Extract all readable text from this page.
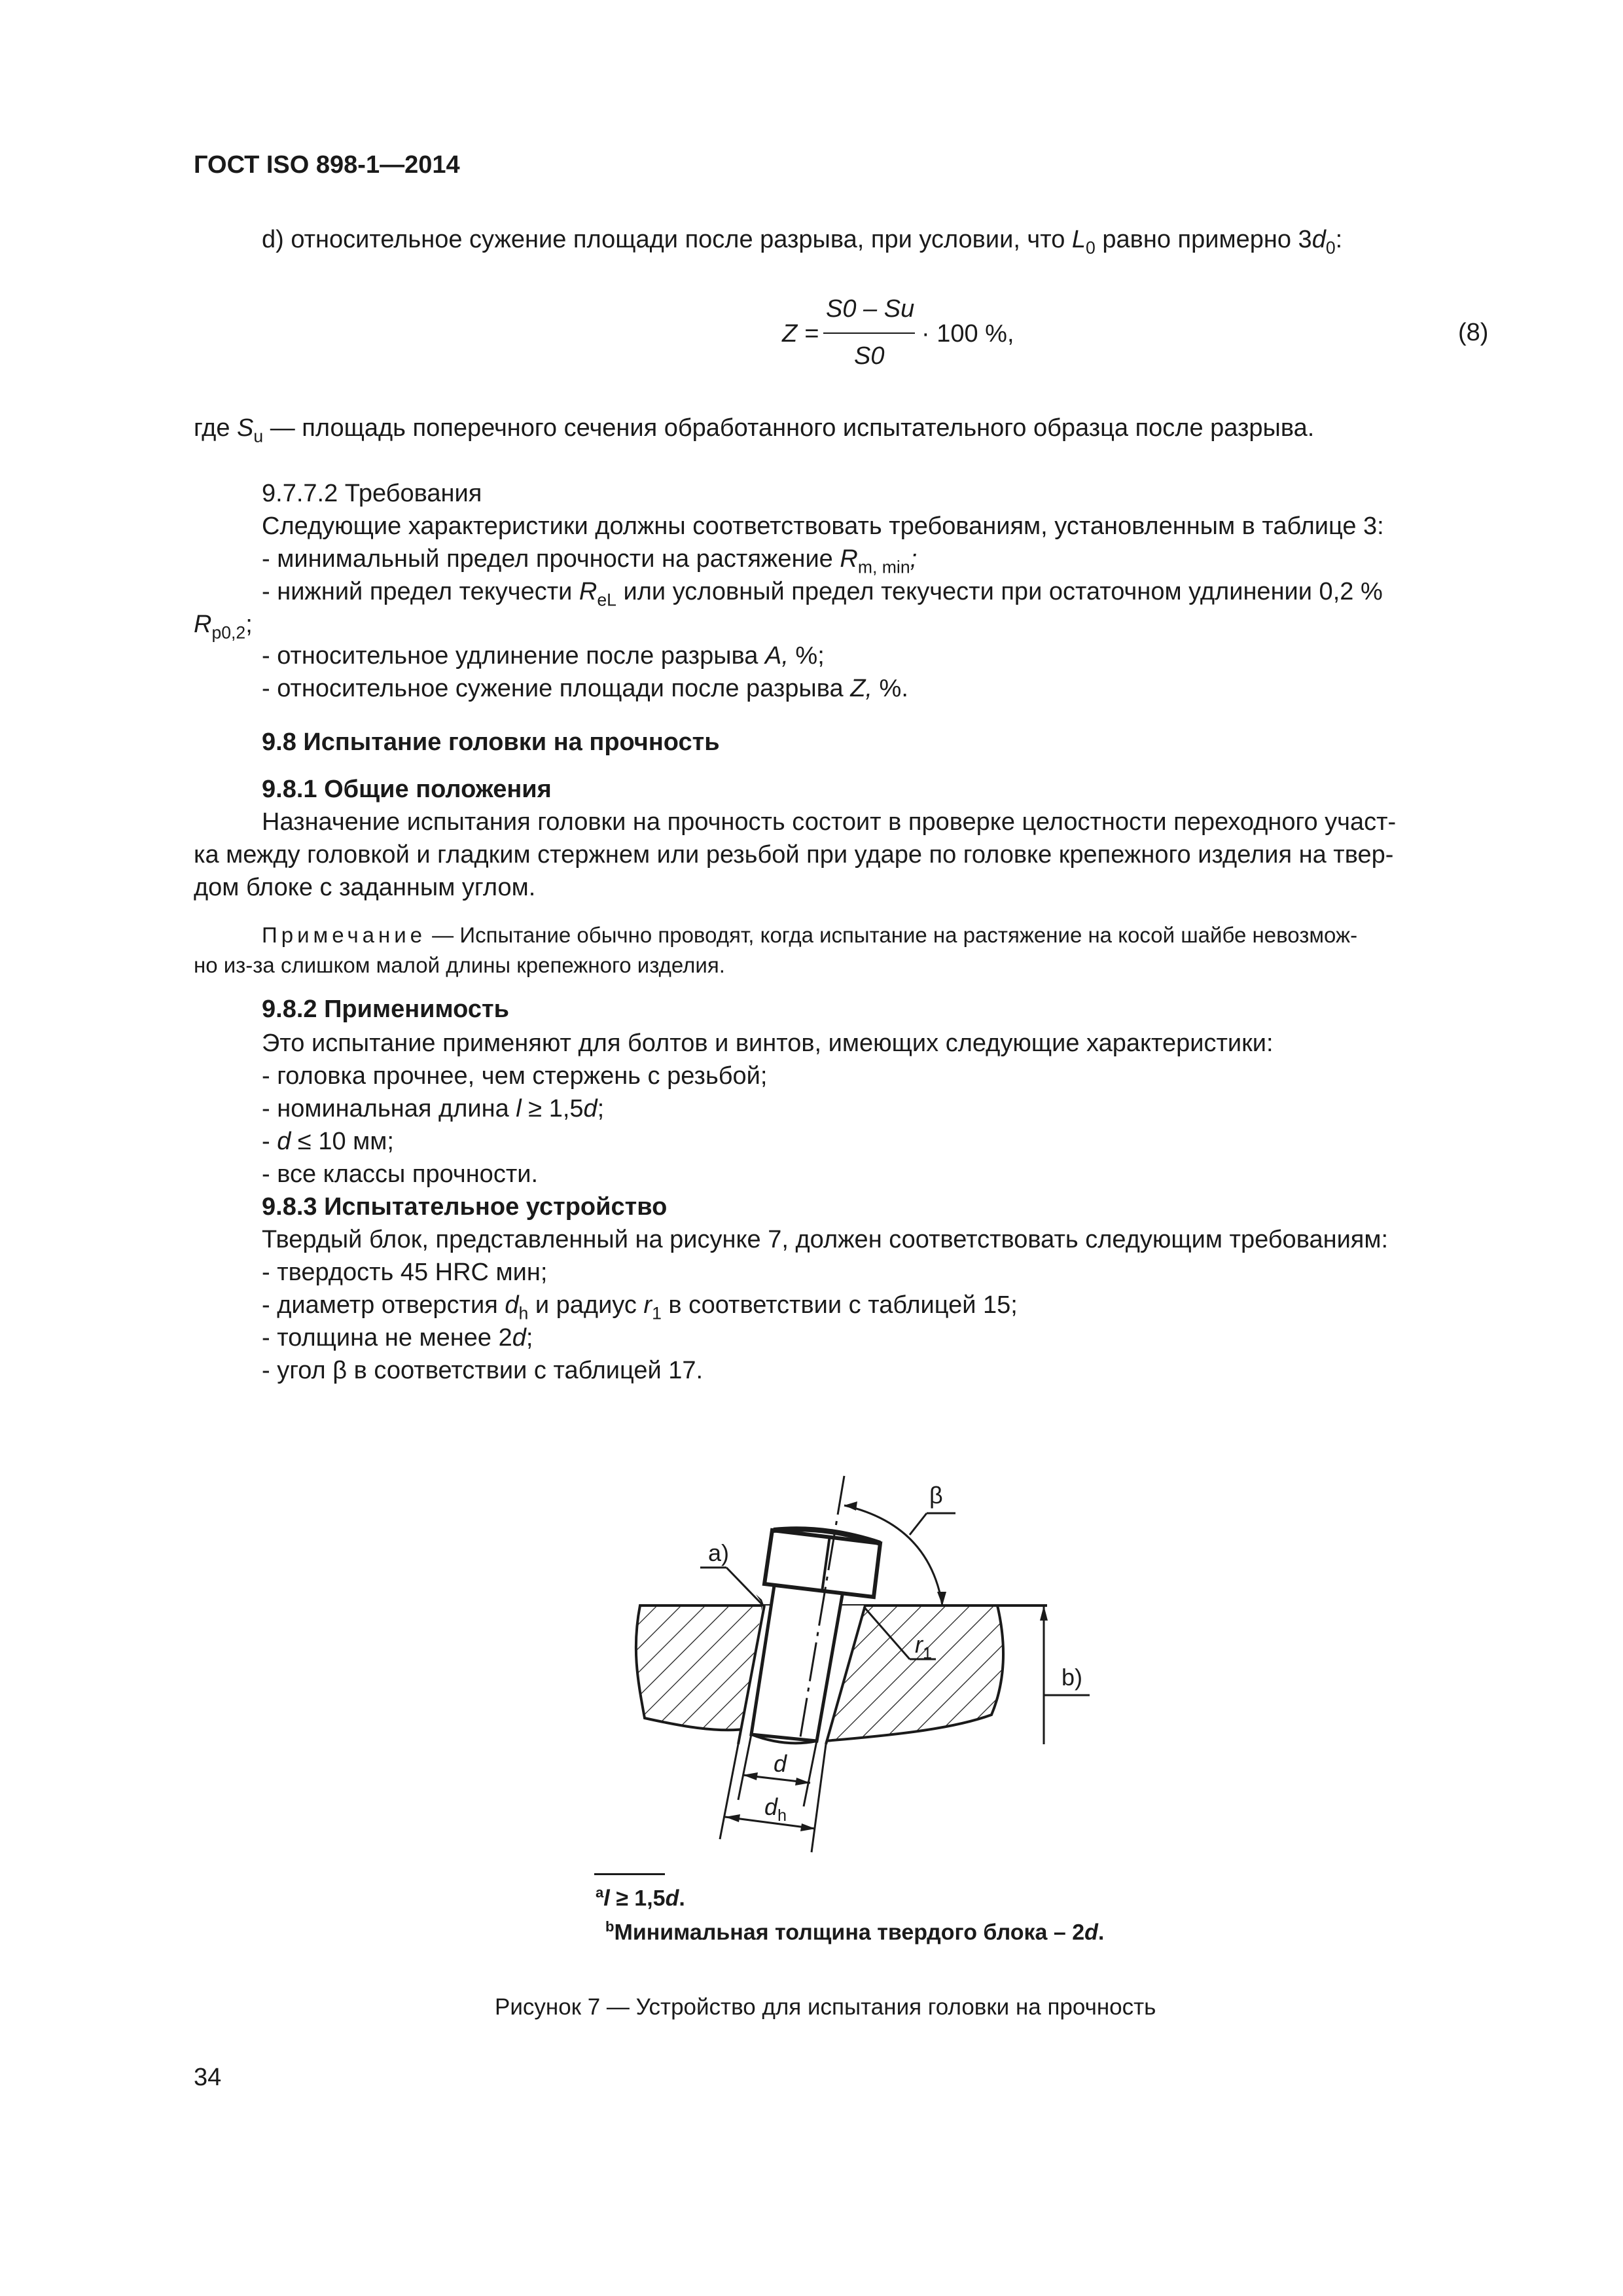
ГОСТ ISO 898-1—2014
d) относительное сужение площади после разрыва, при условии, что $L_0$ равно примерно $3d_0$:
Z =
S0 – Su
S0
· 100 %,	(8)
где $S_u$ — площадь поперечного сечения обработанного испытательного образца после разрыва.
9.7.7.2 Требования
Следующие характеристики должны соответствовать требованиям, установленным в таблице 3:
- минимальный предел прочности на растяжение $R_{m, min}$;
- нижний предел текучести $R_{eL}$ или условный предел текучести при остаточном удлинении 0,2 %
$R_{p0,2}$;
- относительное удлинение после разрыва A, %;
- относительное сужение площади после разрыва Z, %.
9.8 Испытание головки на прочность
9.8.1 Общие положения
Назначение испытания головки на прочность состоит в проверке целостности переходного участ-
ка между головкой и гладким стержнем или резьбой при ударе по головке крепежного изделия на твер-
дом блоке с заданным углом.
Примечание — Испытание обычно проводят, когда испытание на растяжение на косой шайбе невозмож-
но из-за слишком малой длины крепежного изделия.
9.8.2 Применимость
Это испытание применяют для болтов и винтов, имеющих следующие характеристики:
- головка прочнее, чем стержень с резьбой;
- номинальная длина l ≥ 1,5d;
- d ≤ 10 мм;
- все классы прочности.
9.8.3 Испытательное устройство
Твердый блок, представленный на рисунке 7, должен соответствовать следующим требованиям:
- твердость 45 HRC мин;
- диаметр отверстия $d_h$ и радиус $r_1$ в соответствии с таблицей 15;
- толщина не менее 2d;
- угол β в соответствии с таблицей 17.
a)
b)
β
$r_1$
d
$d_h$
$^a$l ≥ 1,5d.
$^b$Минимальная толщина твердого блока – 2d.
Рисунок 7 — Устройство для испытания головки на прочность
34
